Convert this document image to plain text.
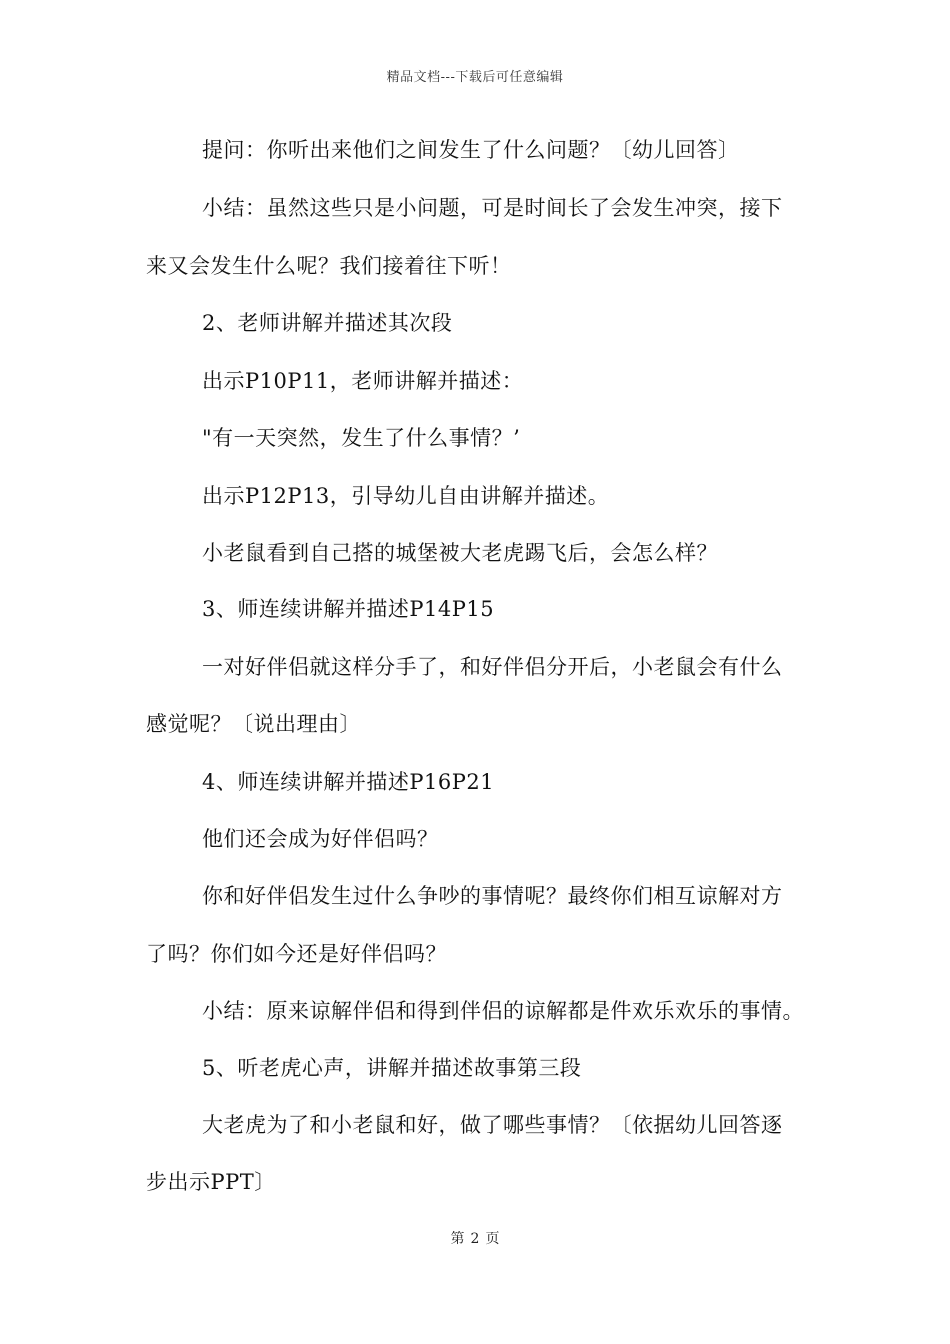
精品文档---下载后可任意编辑
提问：你听出来他们之间发生了什么问题？〔幼儿回答〕
小结：虽然这些只是小问题，可是时间长了会发生冲突，接下
来又会发生什么呢？我们接着往下听！
2、老师讲解并描述其次段
出示P10P11，老师讲解并描述：
"有一天突然，发生了什么事情？’
出示P12P13，引导幼儿自由讲解并描述。
小老鼠看到自己搭的城堡被大老虎踢飞后，会怎么样？
3、师连续讲解并描述P14P15
一对好伴侣就这样分手了，和好伴侣分开后，小老鼠会有什么
感觉呢？〔说出理由〕
4、师连续讲解并描述P16P21
他们还会成为好伴侣吗？
你和好伴侣发生过什么争吵的事情呢？最终你们相互谅解对方
了吗？你们如今还是好伴侣吗？
小结：原来谅解伴侣和得到伴侣的谅解都是件欢乐欢乐的事情。
5、听老虎心声，讲解并描述故事第三段
大老虎为了和小老鼠和好，做了哪些事情？〔依据幼儿回答逐
步出示PPT〕
第 2 页
